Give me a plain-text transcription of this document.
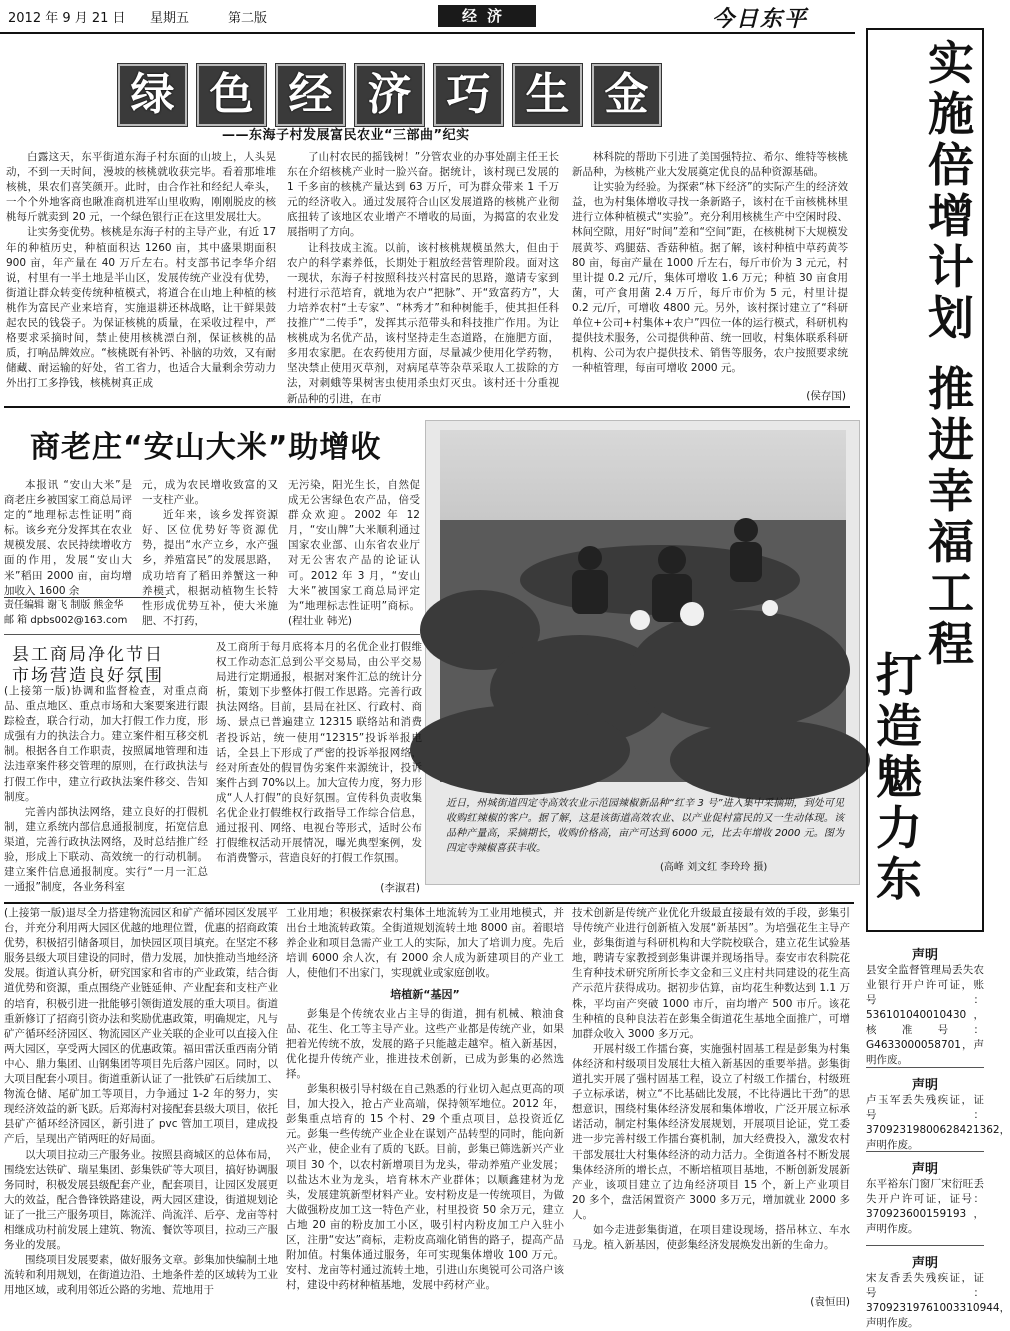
2012 年 9 月 21 日 星期五	第二版	经济	今日东平
绿 色 经 济 巧 生 金
——东海子村发展富民农业“三部曲”纪实

白露这天，东平街道东海子村东面的山坡上，人头晃动，不到一天时间，漫坡的核桃就收获完毕。看着那堆堆核桃，果农们喜笑颜开。此时，由合作社和经纪人牵头，一个个外地客商也瞅准商机进军山里收购，刚刚脱皮的核桃每斤就卖到 20 元，一个绿色银行正在这里发展壮大。

让实务变优势。核桃是东海子村的主导产业，有近 17 年的种植历史，种植面积达 1260 亩，其中盛果期面积 900 亩，年产量在 40 万斤左右。村支部书记李华介绍说，村里有一半土地是半山区，发展传统产业没有优势，街道让群众转变传统种植模式，将道合在山地上种植的核桃作为富民产业来培育，实施退耕还林战略，让干鲜果鼓起农民的钱袋子。为保证核桃的质量，在采收过程中，严格要求采摘时间，禁止使用核桃漂白剂，保证核桃的品质，打响品牌效应。“核桃既有补钙、补脑的功效，又有耐储藏、耐运输的好处，省工省力，也适合大量剩余劳动力外出打工多挣钱，核桃树真正成

了山村农民的摇钱树！”分管农业的办事处副主任王长东在介绍核桃产业时一脸兴奋。据统计，该村现已发展的 1 千多亩的核桃产量达到 63 万斤，可为群众带来 1 千万元的经济收入。通过发展符合山区发展道路的核桃产业彻底扭转了该地区农业增产不增收的局面，为揭富的农业发展指明了方向。

让科技成主流。以前，该村核桃规模虽然大，但由于农户的科学素养低，长期处于粗放经营管理阶段。面对这一现状，东海子村按照科技兴村富民的思路，邀请专家到村进行示范培育，就地为农户“把脉”、开“致富药方”，大力培养农村“土专家”、“林秀才”和种树能手，使其担任科技推广“二传手”，发挥其示范带头和科技推广作用。为让核桃成为名优产品，该村坚持走生态道路，在施肥方面，多用农家肥。在农药使用方面，尽量减少使用化学药物，坚决禁止使用灭草剂，对病尾草等杂草采取人工拔除的方法，对刺蛾等果树害虫使用杀虫灯灭虫。该村还十分重视新品种的引进，在市

林科院的帮助下引进了美国强特拉、希尔、维特等核桃新品种，为核桃产业大发展奠定优良的品种资源基础。

让实验为经验。为探索“林下经济”的实际产生的经济效益，也为村集体增收寻找一条新路子，该村在千亩核桃林里进行立体种植模式“实验”。充分利用核桃生产中空闲时段、林间空隙，用好“时间”差和“空间”距，在核桃树下大规模发展黄芩、鸡腿菇、香菇种植。据了解，该村种植中草药黄芩 80 亩，每亩产量在 1000 斤左右，每斤市价为 3 元元，村里计提 0.2 元/斤，集体可增收 1.6 万元；种植 30 亩食用菌，可产食用菌 2.4 万斤，每斤市价为 5 元，村里计提 0.2 元/斤，可增收 4800 元。另外，该村探讨建立了“科研单位+公司+村集体+农户”四位一体的运行模式，科研机构提供技术服务，公司提供种苗、统一回收，村集体联系科研机构、公司为农户提供技术、销售等服务，农户按照要求统一种植管理，每亩可增收 2000 元。

(侯存国)
商老庄“安山大米”助增收

本报讯 “安山大米”是商老庄乡被国家工商总局评定的“地理标志性证明”商标。该乡充分发挥其在农业规模发展、农民持续增收方面的作用，发展“安山大米”稻田 2000 亩，亩均增加收入 1600 余

元，成为农民增收致富的又一支柱产业。

近年来，该乡发挥资源好、区位优势好等资源优势，提出“水产立乡，水产强乡，养殖富民”的发展思路，成功培育了稻田养蟹这一种养模式，根据动植物生长特性形成优势互补，使大米施肥、不打药，

无污染，阳光生长，自然促成无公害绿色农产品，倍受群众欢迎。2002 年 12 月，“安山牌”大米顺利通过国家农业部、山东省农业厅对无公害农产品的论证认可。2012 年 3 月，“安山大米”被国家工商总局评定为“地理标志性证明”商标。(程壮业 韩光)

责任编辑 谢飞 制版 熊金华
邮 箱 dpbs002@163.com
近日，州城街道四定寺高效农业示范园辣椒新品种“红辛 3 号”进入集中采摘期，到处可见收购红辣椒的客户。据了解，这是该街道高效农业、以产业促村富民的又一生动体现。该品种产量高，采摘期长，收购价格高，亩产可达到 6000 元，比去年增收 2000 元。图为四定寺辣椒喜获丰收。
(高峰 刘文红 李玲玲 摄)
县工商局净化节日
市场营造良好氛围

(上接第一版)协调和监督检查，对重点商品、重点地区、重点市场和大案要案进行跟踪检查，联合行动，加大打假工作力度，形成强有力的执法合力。建立案件相互移交机制。根据各自工作职责，按照属地管理和违法违章案件移交管理的原则，在行政执法与打假工作中，建立行政执法案件移交、告知制度。

完善内部执法网络，建立良好的打假机制，建立系统内部信息通报制度，拓宽信息渠道，完善行政执法网络，及时总结推广经验，形成上下联动、高效统一的行动机制。建立案件信息通报制度。实行“一月一汇总一通报”制度，各业务科室

及工商所于每月底将本月的名优企业打假维权工作动态汇总到公平交易局，由公平交易局进行定期通报，根据对案件汇总的统计分析，策划下步整体打假工作思路。完善行政执法网络。目前，县局在社区、行政村、商场、景点已普遍建立 12315 联络站和消费者投诉站，统一使用“12315”投诉举报电话，全县上下形成了严密的投诉举报网络，经对所查处的假冒伪劣案件来源统计，投诉案件占到 70%以上。加大宣传力度，努力形成“人人打假”的良好氛围。宣传科负责收集名优企业打假维权行政指导工作综合信息，通过报刊、网络、电视台等形式，适时公布打假维权活动开展情况，曝光典型案例，发布消费警示，营造良好的打假工作氛围。

(李淑君)

(上接第一版)退尽全力搭建物流园区和矿产循环园区发展平台，并充分利用两大园区优越的地理位置，优惠的招商政策优势，积极招引储备项目，加快园区项目填充。在坚定不移服务县级大项目建设的同时，借力发展，加快推动当地经济发展。街道认真分析，研究国家和省市的产业政策，结合街道优势和资源，重点围绕产业链延伸、产业配套和支柱产业的培育，积极引进一批能够引领街道发展的重大项目。街道重新修订了招商引资办法和奖励优惠政策，明确规定，凡与矿产循环经济园区、物流园区产业关联的企业可以直接入住两大园区，享受两大园区的优惠政策。福田雷沃重西南分销中心、鼎力集团、山钢集团等项目先后落户园区。同时，以大项目配套小项目。街道重新认证了一批铁矿石后续加工、物流仓储、尾矿加工等项目，力争通过 1-2 年的努力，实现经济效益的新飞跃。后郑海村对接配套县级大项目，依托县矿产循环经济园区，新引进了 pvc 管加工项目，建成投产后，呈现出产销两旺的好局面。

以大项目拉动三产服务业。按照县商城区的总体布局，围绕宏达铁矿、瑞星集团、彭集铁矿等大项目，搞好协调服务同时，积极发展县级配套产业，配套项目，让园区发展更大的效益，配合鲁锋铁路建设，两大园区建设，街道规划论证了一批三产服务项目，陈流洋、尚流洋、后亭、龙亩等村相继成功村前发展上建筑、物流、餐饮等项目，拉动三产服务业的发展。

围绕项目发展要素，做好服务文章。彭集加快编制土地流转和利用规划，在街道边沿、土地条件差的区域转为工业用地区域，或利用邻近公路的劣地、荒地用于

工业用地；积极探索农村集体土地流转为工业用地模式，并出台土地流转政策。全街道规划流转土地 8000 亩。着眼培养企业和项目急需产业工人的实际，加大了培训力度。先后培训 6000 余人次，有 2000 余人成为新建项目的产业工人，使他们不出家门，实现就业或家庭创收。

培植新“基因”

彭集是个传统农业占主导的街道，拥有机械、粮油食品、花生、化工等主导产业。这些产业都是传统产业，如果把着光传统不放，发展的路子只能越走越窄。植入新基因，优化提升传统产业，推进技术创新，已成为彭集的必然选择。

彭集积极引导村级在自己熟悉的行业切入起点更高的项目，加大投入，抢占产业高端，保持领军地位。2012 年，彭集重点培育的 15 个村、29 个重点项目，总投资近亿元。彭集一些传统产业企业在谋划产品转型的同时，能向新兴产业，使企业有了质的飞跃。目前，彭集已筛选新兴产业项目 30 个，以农村新增项目为龙头，带动养殖产业发展；以盐达木业为龙头，培育林木产业群体；以顺鑫建材为龙头，发展建筑新型材料产业。安村粉皮是一传统项目，为做大做强粉皮加工这一特色产业，村里投资 50 余万元，建立占地 20 亩的粉皮加工小区，吸引村内粉皮加工户入驻小区，注册“安达”商标，走粉皮高端化销售的路子，提高产品附加值。村集体通过服务，年可实现集体增收 100 万元。安村、龙亩等村通过流转土地，引进山东奥锐可公司洛户该村，建设中药材种植基地，发展中药材产业。

技术创新是传统产业优化升级最直接最有效的手段，彭集引导传统产业进行创新植入发展“新基因”。为培强花生主导产业，彭集街道与科研机构和大学院校联合，建立花生试验基地，聘请专家教授到彭集讲课并现场指导。泰安市农科院花生育种技术研究所所长李文金和三义庄村共同建设的花生高产示范片获得成功。据初步估算，亩均花生种数达到 1.1 万株，平均亩产突破 1000 市斤，亩均增产 500 市斤。该花生种植的良种良法若在彭集全街道花生基地全面推广，可增加群众收入 3000 多万元。

开展村级工作擂台赛，实施强村固基工程是彭集为村集体经济和村级项目发展壮大植入新基因的重要举措。彭集街道扎实开展了强村固基工程，设立了村级工作擂台，村级班子立标承诺，树立“不比基础比发展，不比待遇比干劲”的思想意识，围绕村集体经济发展和集体增收，广泛开展立标承诺活动，制定村集体经济发展规划，开展项目论证，党工委进一步完善村级工作擂台赛机制，加大经费投入，激发农村干部发展壮大村集体经济的动力活力。全街道各村不断发展集体经济所的增长点，不断培植项目基地，不断创新发展新产业，该项目建立了边角经济项目 15 个，新上产业项目 20 多个，盘活闲置资产 3000 多万元，增加就业 2000 多人。

如今走进彭集街道，在项目建设现场，搭吊林立、车水马龙。植入新基因，使彭集经济发展焕发出新的生命力。

(袁恒田)
实
施
倍
增
计
划
推
进
幸
福
工
程
打
造
魅
力
东
声明
县安全监督管理局丢失农业银行开户许可证，账号：536101040010430，核准号：G4633000058701，声明作废。
声明
卢玉军丢失残疾证，证号：37092319800628421362，声明作废。
声明
东平裕东门窗厂宋衍旺丢失开户许可证，证号：370923600159193，声明作废。
声明
宋友香丢失残疾证，证号：37092319761003310944，声明作废。
